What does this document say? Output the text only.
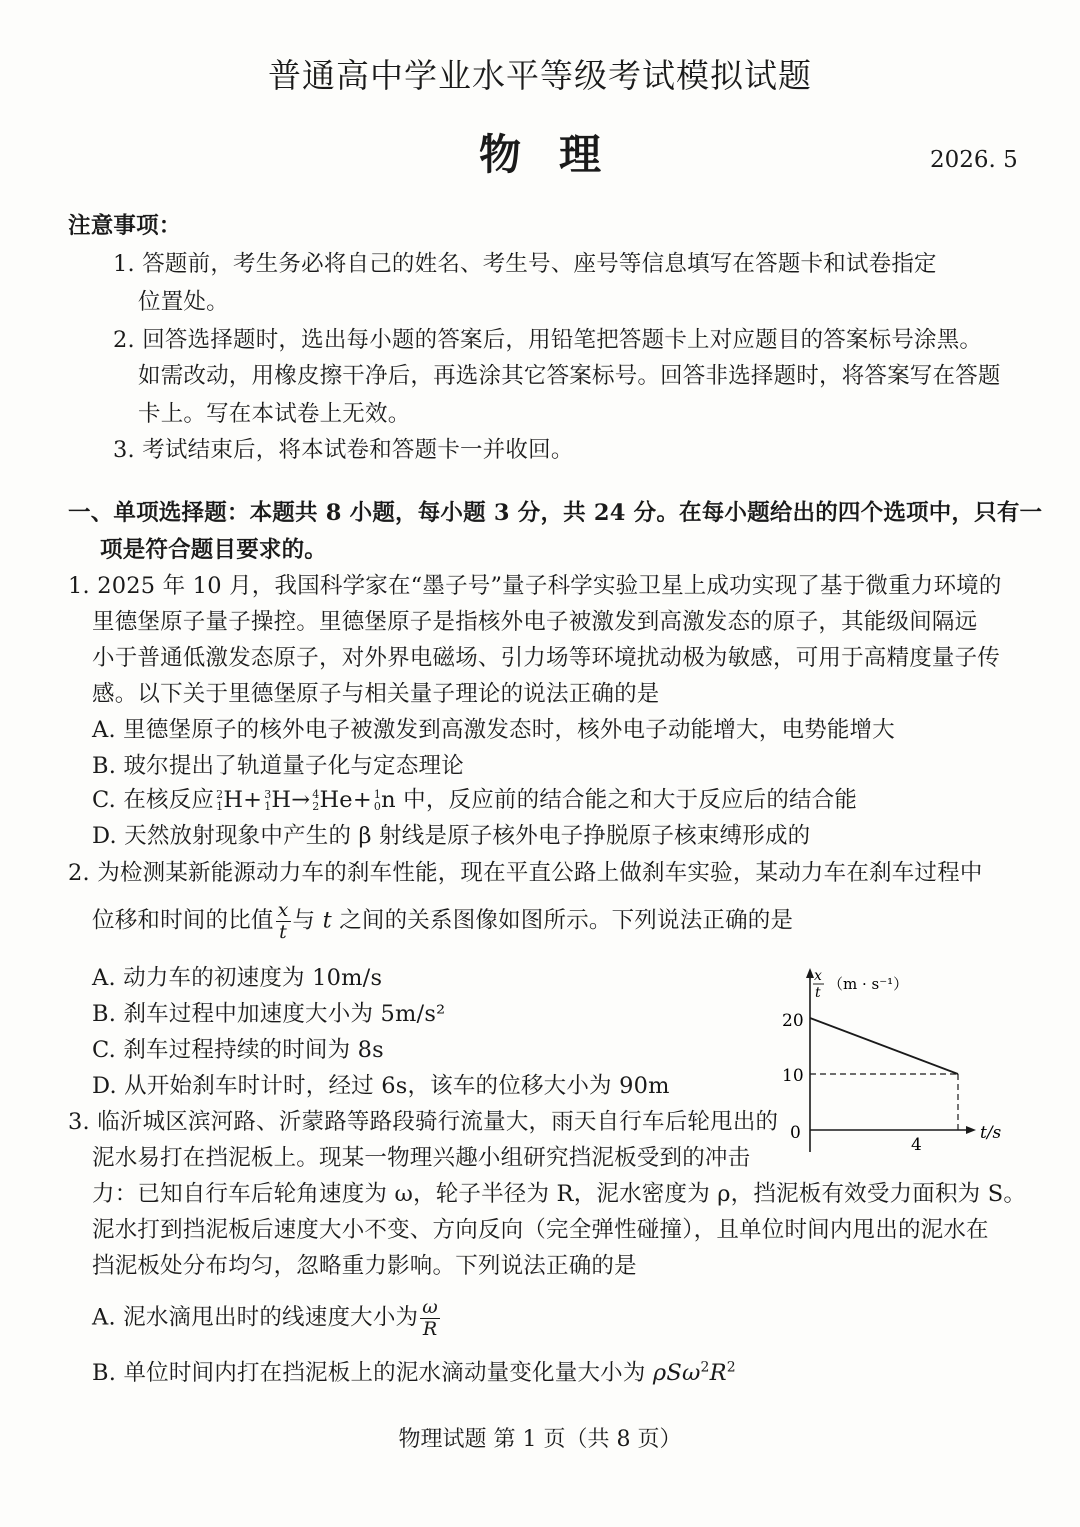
普通高中学业水平等级考试模拟试题
物理	2026. 5
注意事项：
1. 答题前，考生务必将自己的姓名、考生号、座号等信息填写在答题卡和试卷指定
位置处。
2. 回答选择题时，选出每小题的答案后，用铅笔把答题卡上对应题目的答案标号涂黑。
如需改动，用橡皮擦干净后，再选涂其它答案标号。回答非选择题时，将答案写在答题
卡上。写在本试卷上无效。
3. 考试结束后，将本试卷和答题卡一并收回。
一、单项选择题：本题共 8 小题，每小题 3 分，共 24 分。在每小题给出的四个选项中，只有一
项是符合题目要求的。
1. 2025 年 10 月，我国科学家在“墨子号”量子科学实验卫星上成功实现了基于微重力环境的
里德堡原子量子操控。里德堡原子是指核外电子被激发到高激发态的原子，其能级间隔远
小于普通低激发态原子，对外界电磁场、引力场等环境扰动极为敏感，可用于高精度量子传
感。以下关于里德堡原子与相关量子理论的说法正确的是
A. 里德堡原子的核外电子被激发到高激发态时，核外电子动能增大，电势能增大
B. 玻尔提出了轨道量子化与定态理论
C. 在核反应 2
1 H+ 3
1 H→ 4
2 He+ 1
0 n 中，反应前的结合能之和大于反应后的结合能
D. 天然放射现象中产生的 β 射线是原子核外电子挣脱原子核束缚形成的
2. 为检测某新能源动力车的刹车性能，现在平直公路上做刹车实验，某动力车在刹车过程中
位移和时间的比值 $\frac{x}{t}$ 与 t 之间的关系图像如图所示。下列说法正确的是
A. 动力车的初速度为 10m/s
B. 刹车过程中加速度大小为 5m/s²
C. 刹车过程持续的时间为 8s
D. 从开始刹车时计时，经过 6s，该车的位移大小为 90m
x
t （m · s⁻¹）
t/s
20
10
0
4
3. 临沂城区滨河路、沂蒙路等路段骑行流量大，雨天自行车后轮甩出的
泥水易打在挡泥板上。现某一物理兴趣小组研究挡泥板受到的冲击
力：已知自行车后轮角速度为 ω，轮子半径为 R，泥水密度为 ρ，挡泥板有效受力面积为 S。
泥水打到挡泥板后速度大小不变、方向反向（完全弹性碰撞），且单位时间内甩出的泥水在
挡泥板处分布均匀，忽略重力影响。下列说法正确的是
A. 泥水滴甩出时的线速度大小为 $\frac{\omega}{R}$
B. 单位时间内打在挡泥板上的泥水滴动量变化量大小为 $\rho S\omega^2R^2$
物理试题 第 1 页（共 8 页）
